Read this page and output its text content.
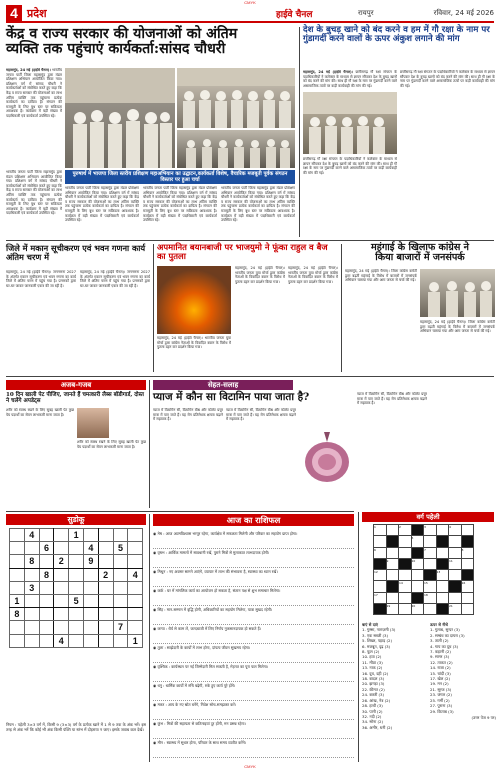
CMYK
4 प्रदेश	हाईवे चैनल	रायपुर	रविवार, 24 मई 2026
केंद्र व राज्य सरकार की योजनाओं को अंतिम
व्यक्ति तक पहुंचाएं कार्यकर्ता:सांसद चौधरी
महासमुंद, 24 मई (हाईवे चैनल)। भारतीय जनता पार्टी जिला महासमुंद द्वारा मंडल प्रशिक्षण अभियान आयोजित किया गया। प्रशिक्षण वर्ग में सांसद चौधरी ने कार्यकर्ताओं को संबोधित करते हुए कहा कि केंद्र व राज्य सरकार की योजनाओं का लाभ अंतिम व्यक्ति तक पहुंचाना प्रत्येक कार्यकर्ता का दायित्व है। संगठन की मजबूती के लिए बूथ स्तर पर सक्रियता आवश्यक है। कार्यक्रम में बड़ी संख्या में पदाधिकारी एवं कार्यकर्ता उपस्थित रहे।
पुरुषार्थ में भाजपा जिला स्तरीय प्रशिक्षण महाअभियान का उद्घाटन,कार्यकर्ता विशेष, वैचारिक मजबूती पूर्वक संगठन विस्तार पर हुआ चर्चा
भारतीय जनता पार्टी जिला महासमुंद द्वारा मंडल प्रशिक्षण अभियान आयोजित किया गया। प्रशिक्षण वर्ग में सांसद चौधरी ने कार्यकर्ताओं को संबोधित करते हुए कहा कि केंद्र व राज्य सरकार की योजनाओं का लाभ अंतिम व्यक्ति तक पहुंचाना प्रत्येक कार्यकर्ता का दायित्व है। संगठन की मजबूती के लिए बूथ स्तर पर सक्रियता आवश्यक है। कार्यक्रम में बड़ी संख्या में पदाधिकारी एवं कार्यकर्ता उपस्थित रहे।
भारतीय जनता पार्टी जिला महासमुंद द्वारा मंडल प्रशिक्षण अभियान आयोजित किया गया। प्रशिक्षण वर्ग में सांसद चौधरी ने कार्यकर्ताओं को संबोधित करते हुए कहा कि केंद्र व राज्य सरकार की योजनाओं का लाभ अंतिम व्यक्ति तक पहुंचाना प्रत्येक कार्यकर्ता का दायित्व है। संगठन की मजबूती के लिए बूथ स्तर पर सक्रियता आवश्यक है। कार्यक्रम में बड़ी संख्या में पदाधिकारी एवं कार्यकर्ता उपस्थित रहे।
भारतीय जनता पार्टी जिला महासमुंद द्वारा मंडल प्रशिक्षण अभियान आयोजित किया गया। प्रशिक्षण वर्ग में सांसद चौधरी ने कार्यकर्ताओं को संबोधित करते हुए कहा कि केंद्र व राज्य सरकार की योजनाओं का लाभ अंतिम व्यक्ति तक पहुंचाना प्रत्येक कार्यकर्ता का दायित्व है। संगठन की मजबूती के लिए बूथ स्तर पर सक्रियता आवश्यक है। कार्यक्रम में बड़ी संख्या में पदाधिकारी एवं कार्यकर्ता उपस्थित रहे।
भारतीय जनता पार्टी जिला महासमुंद द्वारा मंडल प्रशिक्षण अभियान आयोजित किया गया। प्रशिक्षण वर्ग में सांसद चौधरी ने कार्यकर्ताओं को संबोधित करते हुए कहा कि केंद्र व राज्य सरकार की योजनाओं का लाभ अंतिम व्यक्ति तक पहुंचाना प्रत्येक कार्यकर्ता का दायित्व है। संगठन की मजबूती के लिए बूथ स्तर पर सक्रियता आवश्यक है। कार्यक्रम में बड़ी संख्या में पदाधिकारी एवं कार्यकर्ता उपस्थित रहे।
देश के बुचड़ खाने को बंद करने व हम में गौ रक्षा के नाम पर गुंडागर्दी करने वालों के ऊपर अंकुश लगाने की मांग
महासमुंद, 24 मई (हाईवे चैनल)। छत्तीसगढ़ गौ रक्षा संगठन के पदाधिकारियों ने कलेक्टर के माध्यम से ज्ञापन सौंपकर देश के बुचड़ खानों को बंद करने की मांग की। साथ ही गौ रक्षा के नाम पर गुंडागर्दी करने वाले असामाजिक तत्वों पर कड़ी कार्यवाही की मांग की गई।
छत्तीसगढ़ गौ रक्षा संगठन के पदाधिकारियों ने कलेक्टर के माध्यम से ज्ञापन सौंपकर देश के बुचड़ खानों को बंद करने की मांग की। साथ ही गौ रक्षा के नाम पर गुंडागर्दी करने वाले असामाजिक तत्वों पर कड़ी कार्यवाही की मांग की गई।
छत्तीसगढ़ गौ रक्षा संगठन के पदाधिकारियों ने कलेक्टर के माध्यम से ज्ञापन सौंपकर देश के बुचड़ खानों को बंद करने की मांग की। साथ ही गौ रक्षा के नाम पर गुंडागर्दी करने वाले असामाजिक तत्वों पर कड़ी कार्यवाही की मांग की गई।
जिले में मकान सूचीकरण एवं भवन गणना कार्य अंतिम चरण में
महासमुंद, 24 मई (हाईवे चैनल)। जनगणना 2027 के अंतर्गत मकान सूचीकरण एवं भवन गणना का कार्य जिले में अंतिम चरण में पहुंच गया है। प्रगणकों द्वारा घर-घर जाकर जानकारी एकत्र की जा रही है।
महासमुंद, 24 मई (हाईवे चैनल)। जनगणना 2027 के अंतर्गत मकान सूचीकरण एवं भवन गणना का कार्य जिले में अंतिम चरण में पहुंच गया है। प्रगणकों द्वारा घर-घर जाकर जानकारी एकत्र की जा रही है।
अपमानित बयानबाजी पर भाजयुमो ने फूंका राहुल व बैज का पुतला
महासमुंद, 24 मई (हाईवे चैनल)। भारतीय जनता युवा मोर्चा द्वारा कांग्रेस नेताओं के विवादित बयान के विरोध में पुतला दहन कर प्रदर्शन किया गया।
महासमुंद, 24 मई (हाईवे चैनल)। भारतीय जनता युवा मोर्चा द्वारा कांग्रेस नेताओं के विवादित बयान के विरोध में पुतला दहन कर प्रदर्शन किया गया।
महासमुंद, 24 मई (हाईवे चैनल)। भारतीय जनता युवा मोर्चा द्वारा कांग्रेस नेताओं के विवादित बयान के विरोध में पुतला दहन कर प्रदर्शन किया गया।
महंगाई के खिलाफ कांग्रेस ने
किया बाजारों में जनसंपर्क
महासमुंद, 24 मई (हाईवे चैनल)। जिला कांग्रेस कमेटी द्वारा बढ़ती महंगाई के विरोध में बाजारों में जनसंपर्क अभियान चलाया गया और आम जनता से चर्चा की गई।
महासमुंद, 24 मई (हाईवे चैनल)। जिला कांग्रेस कमेटी द्वारा बढ़ती महंगाई के विरोध में बाजारों में जनसंपर्क अभियान चलाया गया और आम जनता से चर्चा की गई।
अजब-गजब
10 दिन खाली पेट पीजिए, जानते हैं चमत्कारी लैब्स बॉडीगार्ड, दोस्त ने चलेंगे अपडेट्स
शरीर को स्वस्थ रखने के लिए सुबह खाली पेट कुछ पेय पदार्थों का सेवन लाभकारी माना जाता है।
शरीर को स्वस्थ रखने के लिए सुबह खाली पेट कुछ पेय पदार्थों का सेवन लाभकारी माना जाता है।
सेहत-सलाह
प्याज में कौन सा विटामिन पाया जाता है?
प्याज में विटामिन सी, विटामिन बी6 और फोलेट प्रचुर मात्रा में पाए जाते हैं। यह रोग प्रतिरोधक क्षमता बढ़ाने में सहायक है।
प्याज में विटामिन सी, विटामिन बी6 और फोलेट प्रचुर मात्रा में पाए जाते हैं। यह रोग प्रतिरोधक क्षमता बढ़ाने में सहायक है।
प्याज में विटामिन सी, विटामिन बी6 और फोलेट प्रचुर मात्रा में पाए जाते हैं। यह रोग प्रतिरोधक क्षमता बढ़ाने में सहायक है।
वर्ग पहेली
1		2		3		4	
			5				
6				7			8
	9		10			11	
12					13		
		14		15			16
17				18			
	19		20			21	
बाएं से दाएं
1. गुस्सा, नाराज़गी (3)
3. एक सब्जी (3)
5. शिखर, पहाड़ (2)
6. मजबूत, दृढ़ (3)
8. फूल (2)
10. हवा (2)
11. मीठा (3)
13. नाक (2)
16. दूध, दही (2)
18. बादल (3)
20. झगड़ा (3)
22. कीमत (2)
24. बकरी (3)
26. आंख, नेत्र (2)
28. हाथी (3)
30. पानी (2)
32. नदी (2)
34. सोना (2)
36. अमीर, धनी (2)
ऊपर से नीचे
1. गुलाब, सुन्दर (3)
2. सम्बंध का दायरा (3)
3. ताली (2)
4. गाय का दूध (3)
7. कहानी (2)
9. सागर (3)
12. ताकत (2)
14. राजा (2)
15. चांदी (3)
17. खेल (2)
19. मन (2)
21. सूरज (3)
23. जंगल (2)
25. गर्मी (2)
27. पुराना (3)
29. किताब (3)
(उत्तर पेज 9 पर)
सुडोकू
	4			1				
		6			4		5	
	8		2		9			
		8				2		4
	3							
1				5				
8								
							7	
			4					1
नियम : पहेली 3×3 वर्ग में, किसी 9 (3×3) वर्ग के प्रत्येक खाने में 1 से 9 तक के अंक भरें। इस तरह से अंक भरें कि कोई भी अंक किसी पंक्ति या स्तंभ में दोहराया न जाए। इसके जवाब कल देखें।
आज का राशिफल
◉ मेष : आज आत्मविश्वास भरपूर रहेगा, कार्यक्षेत्र में सफलता मिलेगी और परिवार का सहयोग प्राप्त होगा।
◉ वृषभ : आर्थिक मामलों में सावधानी रखें, पुराने मित्रों से मुलाकात लाभदायक होगी।
◉ मिथुन : नए अवसर सामने आएंगे, व्यापार में लाभ की संभावना है, स्वास्थ्य का ध्यान रखें।
◉ कर्क : घर में मांगलिक कार्य का आयोजन हो सकता है, संतान पक्ष से शुभ समाचार मिलेगा।
◉ सिंह : मान-सम्मान में वृद्धि होगी, अधिकारियों का सहयोग मिलेगा, यात्रा सुखद रहेगी।
◉ कन्या : धैर्य से काम लें, जल्दबाजी में लिए निर्णय नुकसानदायक हो सकते हैं।
◉ तुला : साझेदारी के कार्यों में लाभ होगा, दांपत्य जीवन सुखमय रहेगा।
◉ वृश्चिक : कार्यस्थल पर नई जिम्मेदारी मिल सकती है, मेहनत का पूरा फल मिलेगा।
◉ धनु : धार्मिक कार्यों में रुचि बढ़ेगी, रुके हुए कार्य पूरे होंगे।
◉ मकर : आय के नए स्रोत बनेंगे, निवेश सोच-समझकर करें।
◉ कुंभ : मित्रों की सहायता से कठिनाइयां दूर होंगी, मन प्रसन्न रहेगा।
◉ मीन : स्वास्थ्य में सुधार होगा, परिवार के साथ समय व्यतीत करेंगे।
CMYK
